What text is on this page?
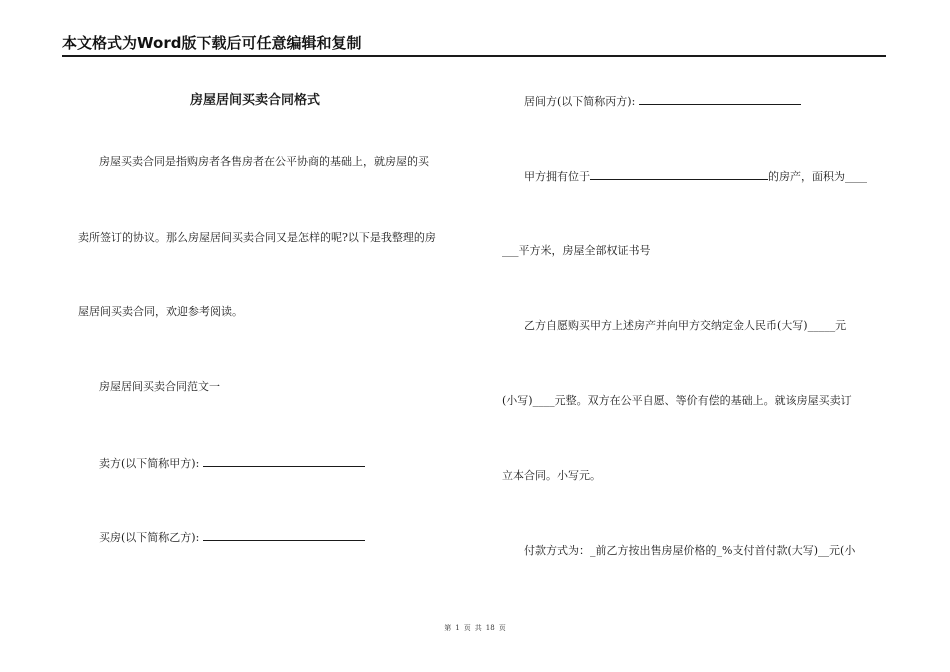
本文格式为Word版下载后可任意编辑和复制
房屋居间买卖合同格式
房屋买卖合同是指购房者各售房者在公平协商的基础上，就房屋的买
卖所签订的协议。那么房屋居间买卖合同又是怎样的呢?以下是我整理的房
屋居间买卖合同，欢迎参考阅读。
房屋居间买卖合同范文一
卖方(以下简称甲方):
买房(以下简称乙方):
居间方(以下简称丙方):
甲方拥有位于	的房产，面积为____
___平方米，房屋全部权证书号
乙方自愿购买甲方上述房产并向甲方交纳定金人民币(大写)_____元
(小写)____元整。双方在公平自愿、等价有偿的基础上。就该房屋买卖订
立本合同。小写元。
付款方式为：_前乙方按出售房屋价格的_%支付首付款(大写)__元(小
第 1 页 共 18 页
